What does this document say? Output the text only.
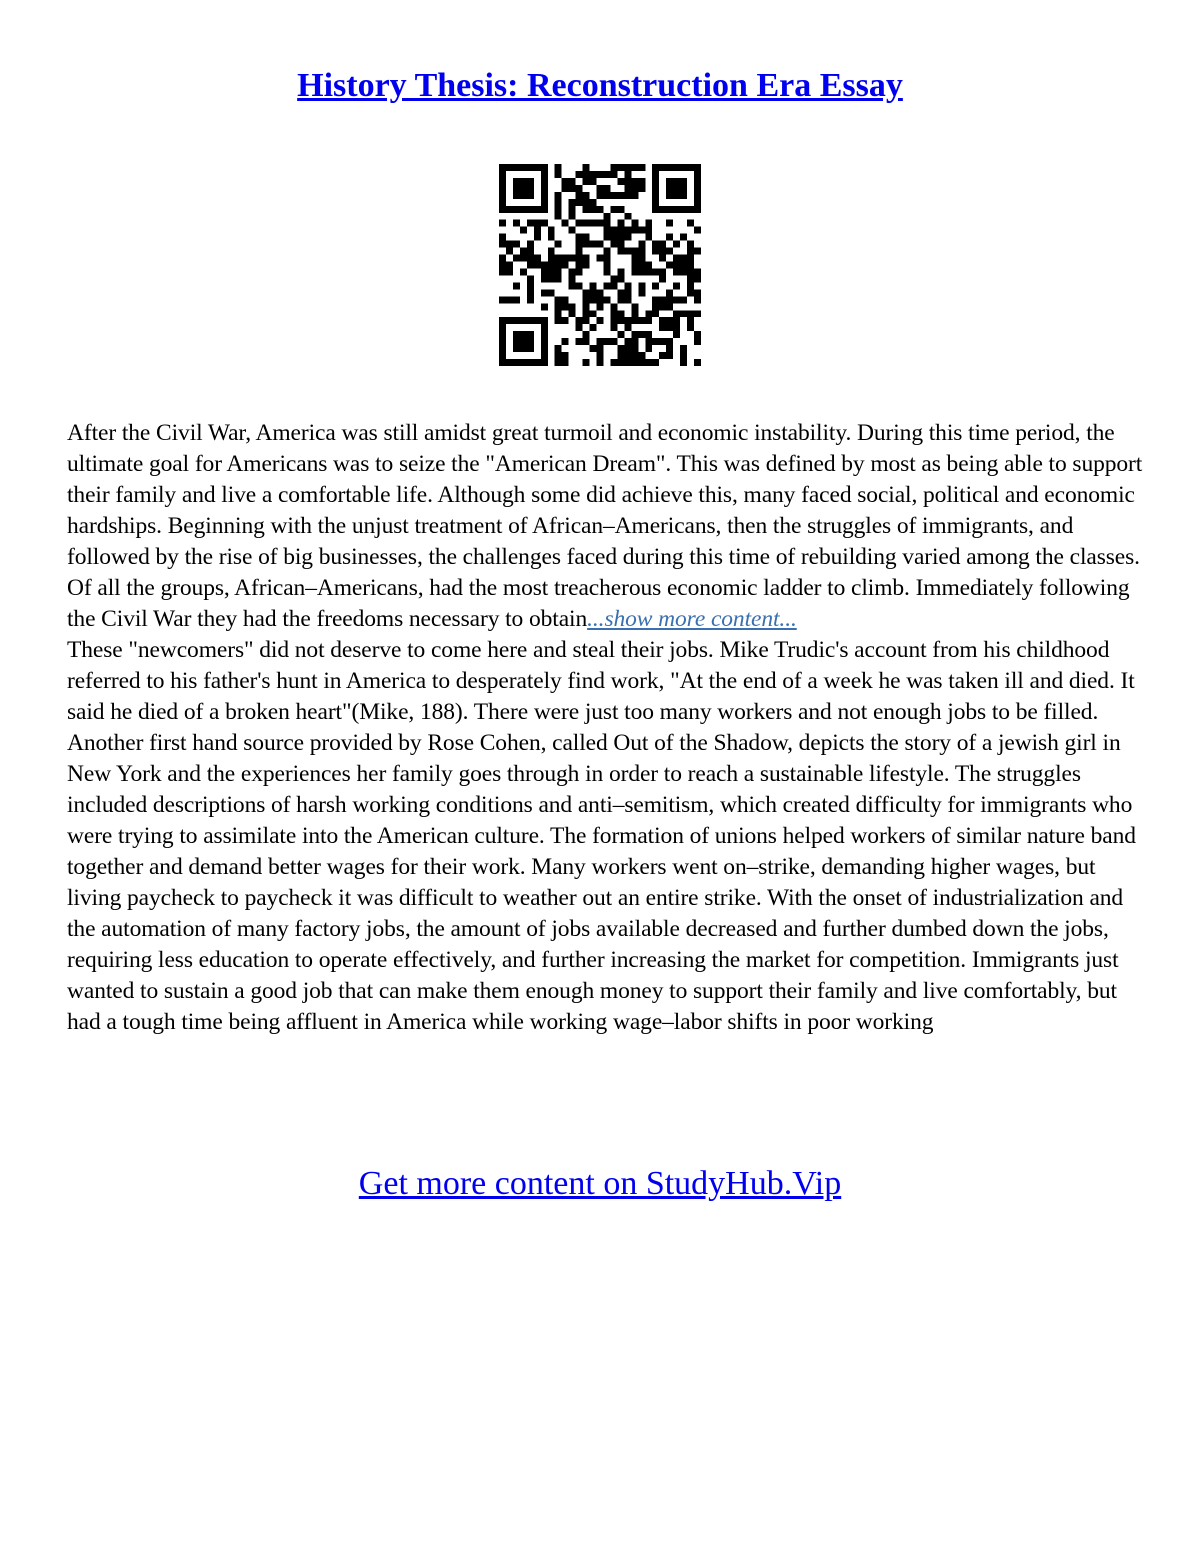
History Thesis: Reconstruction Era Essay

After the Civil War, America was still amidst great turmoil and economic instability. During this time period, the ultimate goal for Americans was to seize the "American Dream". This was defined by most as being able to support their family and live a comfortable life. Although some did achieve this, many faced social, political and economic hardships. Beginning with the unjust treatment of African–Americans, then the struggles of immigrants, and followed by the rise of big businesses, the challenges faced during this time of rebuilding varied among the classes. Of all the groups, African–Americans, had the most treacherous economic ladder to climb. Immediately following the Civil War they had the freedoms necessary to obtain...show more content...

These "newcomers" did not deserve to come here and steal their jobs. Mike Trudic's account from his childhood referred to his father's hunt in America to desperately find work, "At the end of a week he was taken ill and died. It said he died of a broken heart"(Mike, 188). There were just too many workers and not enough jobs to be filled. Another first hand source provided by Rose Cohen, called Out of the Shadow, depicts the story of a jewish girl in New York and the experiences her family goes through in order to reach a sustainable lifestyle. The struggles included descriptions of harsh working conditions and anti–semitism, which created difficulty for immigrants who were trying to assimilate into the American culture. The formation of unions helped workers of similar nature band together and demand better wages for their work. Many workers went on–strike, demanding higher wages, but living paycheck to paycheck it was difficult to weather out an entire strike. With the onset of industrialization and the automation of many factory jobs, the amount of jobs available decreased and further dumbed down the jobs, requiring less education to operate effectively, and further increasing the market for competition. Immigrants just wanted to sustain a good job that can make them enough money to support their family and live comfortably, but had a tough time being affluent in America while working wage–labor shifts in poor working

Get more content on StudyHub.Vip
